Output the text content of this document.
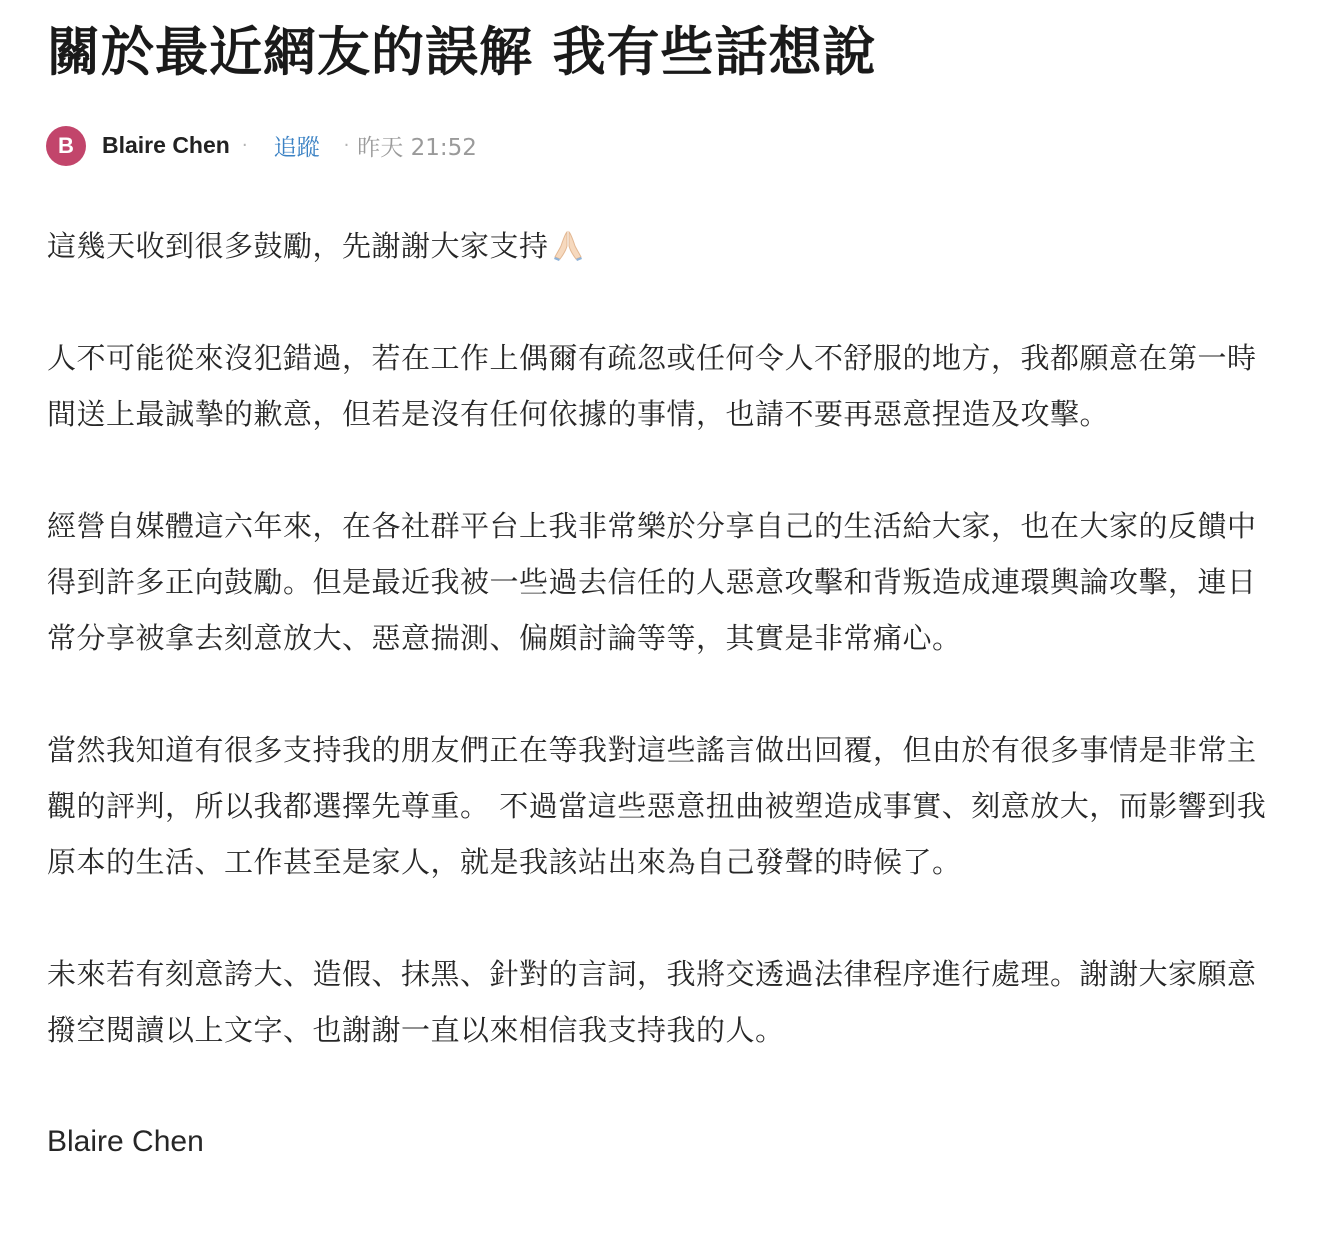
關於最近網友的誤解 我有些話想說
B	Blaire Chen · 追蹤 · 昨天 21:52

這幾天收到很多鼓勵，先謝謝大家支持

人不可能從來沒犯錯過，若在工作上偶爾有疏忽或任何令人不舒服的地方，我都願意在第一時間送上最誠摯的歉意，但若是沒有任何依據的事情，也請不要再惡意捏造及攻擊。

經營自媒體這六年來，在各社群平台上我非常樂於分享自己的生活給大家，也在大家的反饋中得到許多正向鼓勵。但是最近我被一些過去信任的人惡意攻擊和背叛造成連環輿論攻擊，連日常分享被拿去刻意放大、惡意揣測、偏頗討論等等，其實是非常痛心。

當然我知道有很多支持我的朋友們正在等我對這些謠言做出回覆，但由於有很多事情是非常主觀的評判，所以我都選擇先尊重。 不過當這些惡意扭曲被塑造成事實、刻意放大，而影響到我原本的生活、工作甚至是家人，就是我該站出來為自己發聲的時候了。

未來若有刻意誇大、造假、抹黑、針對的言詞，我將交透過法律程序進行處理。謝謝大家願意撥空閱讀以上文字、也謝謝一直以來相信我支持我的人。

Blaire Chen
